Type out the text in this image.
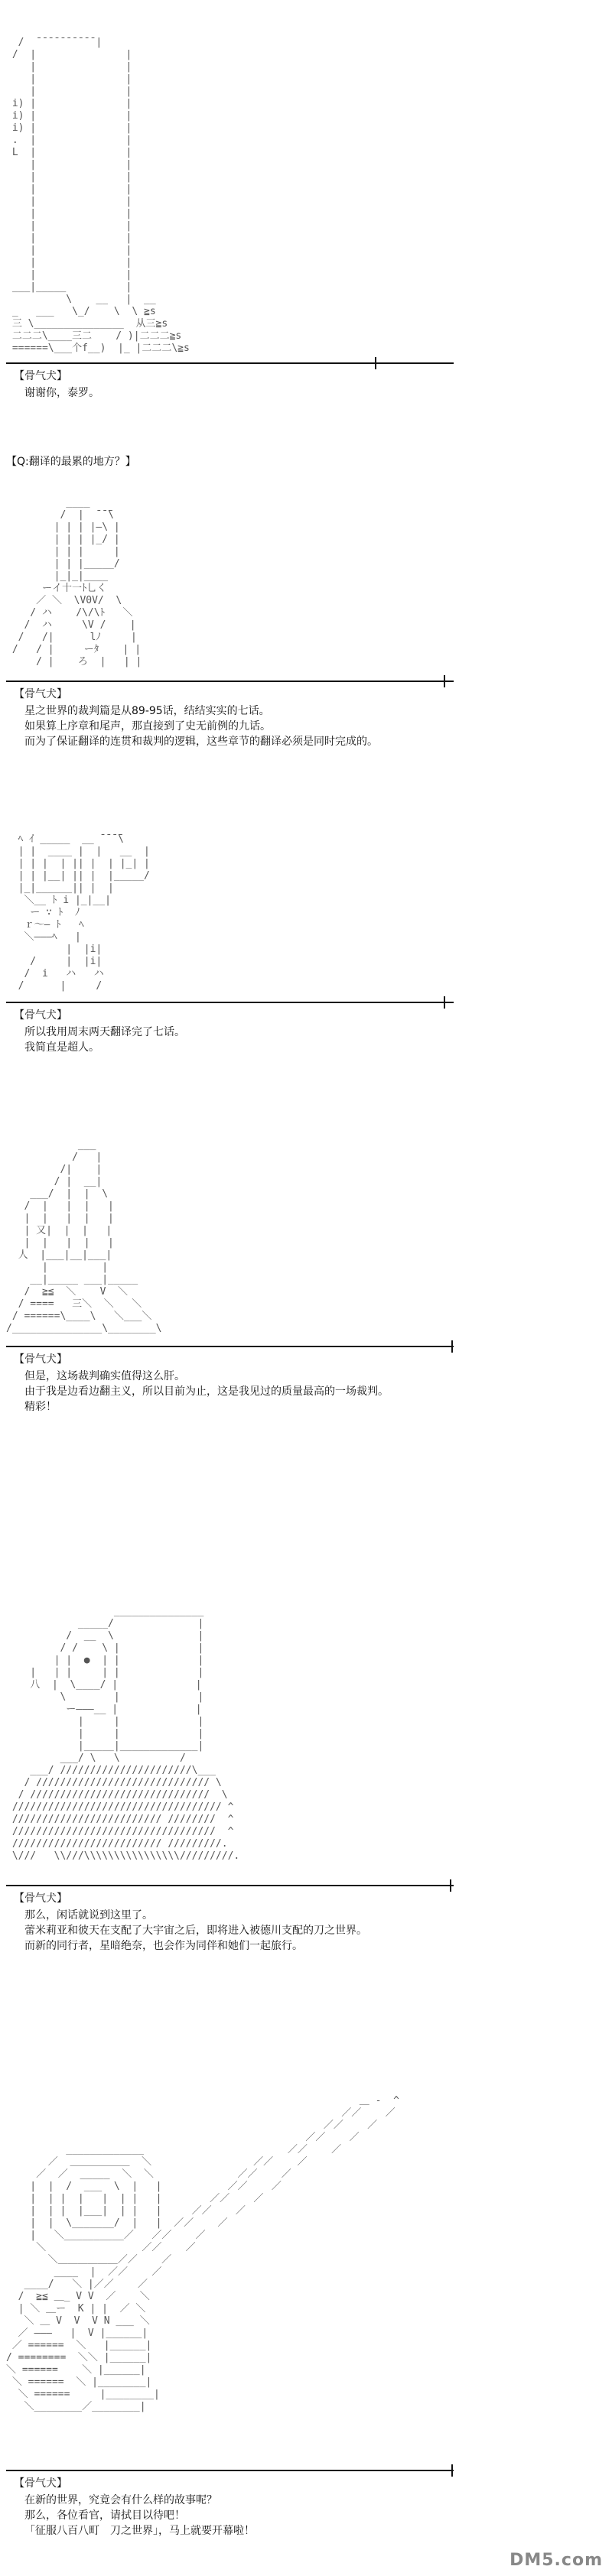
/  ̄ ̄ ̄ ̄ ̄ ̄ ̄ ̄ ̄ ̄ |
/  |               |
|               |
|               |
|               |
i) |               |
i) |               |
i) |               |
.  |               |
L  |               |
|               |
|               |
|               |
|               |
|               |
|               |
|               |
|               |
|               |
|               |
___|_____          |
\    __   |  __
_   ___   \_/    \  \ ≧s
三 \_______________  从三≧s
二二二\____三二    / )|二二二≧s
======\___个f__)  |_ |二二二\≧s
【骨气犬】
谢谢你，泰罗。
【Q:翻译的最累的地方？】
____
/  |  ̄ ̄ ̄\
| | | |―\ |
| | | |_/ |
| | |     |
| | |_____/
|_|_|____
ーイ十一ﾄ乚く
／ ＼  \V0V/  \
/ ハ    /\/\ﾄ   ＼
/  ハ     \V /    |
/   /|      lﾉ     |
/   / |     ーﾀ    | |
/ |    ろ  |   | |
【骨气犬】
星之世界的裁判篇是从89-95话，结结实实的七话。
如果算上序章和尾声，那直接到了史无前例的九话。
而为了保证翻译的连贯和裁判的逻辑，这些章节的翻译必须是同时完成的。
ﾍ ｲ _____  __ ̄ ̄ ̄ ̄\
| |  ____ |  |   __  |
| | |  | || |  | |_| |
| | |__| || |  |_____/
|_|______|| |  |
＼__ ﾄ i |_|__|
ー ∵ ﾄ  ﾉ
ｒ～― ﾄ   ﾍ
＼―――ﾍ   |
|  |i|
/     |  |i|
/  i   ハ   ハ
/      |     /
【骨气犬】
所以我用周末两天翻译完了七话。
我简直是超人。
___
/   |
/|    |
/ |  __|
___/  |  |  \
/  |   |  |   |
|  |   |  |   |
| 又|  |  |   |
|  |   |  |   |
人  |___|__|___|
|         |
__|_____ ___|_____
/  ≧≦  ＼    V  ＼
/ ====   三＼  ＼   ＼
/ ======\____\   ＼___＼
/_______________\________\
【骨气犬】
但是，这场裁判确实值得这么肝。
由于我是边看边翻主义，所以目前为止，这是我见过的质量最高的一场裁判。
精彩！
_______________
_____/              |
/  __  \              |
/ /    \ |             |
| |  ●  | |             |
|   | |     | |             |
八  |  \____/ |             |
\        |             |
ー―――__ |             |
|     |             |
|     |             |
|_____|_____________|
___/ \   \          /
___/ //////////////////////\___
/ ///////////////////////////// \
/ //////////////////////////////  \
/////////////////////////////////// ^
///////////////////////// ////////  ^
//////////////////////////////////  ^
///////////////////////// /////////.
\///   \\///\\\\\\\\\\\\\\\\/////////.
【骨气犬】
那么，闲话就说到这里了。
蕾米莉亚和彼天在支配了大宇宙之后，即将进入被德川支配的刀之世界。
而新的同行者，星暗绝奈，也会作为同伴和她们一起旅行。
＿ -  ^
／／    ／
／／    ／
／／    ／
_____________                        ／／    ／
／  ＿＿＿＿＿＿  ＼                 ／／    ／
／  ／  _____  ＼  ＼              ／／    ／
|  |  /  ___  \  |   |           ／／    ／
|  | |  |   |  | |   |        ／／    ／
|  | |  |___|  | |   |     ／／    ／
|  |  \_______/  |   |  ／／    ／
|   ＼__________／   ／／    ／
＼                ／／    ／
＼＿＿＿＿＿＿／／    ／
____  |  ／／    ／
____/   ＼ |／／    ／
/  ≧≦ ＿_ V V  ／    ＼
| ＼ ＿ー  K | |  ／ ＼
＼ ＿ V  V  V N ___ ＼
／ ―――   |  V |______|
／ ======  ＼   |______|
/ ========  ＼＼ |______|
＼ ======    ＼ |______|
＼ ======  ＼ |________|
＼ ======     |________|
＼________／________|
【骨气犬】
在新的世界，究竟会有什么样的故事呢？
那么，各位看官，请拭目以待吧！
「征服八百八町　刀之世界」，马上就要开幕啦！
DM5.com
